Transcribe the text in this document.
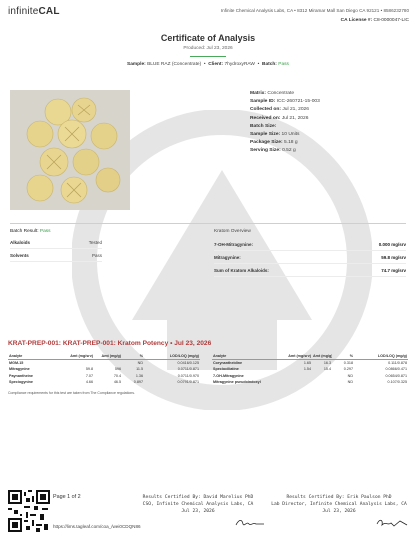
infiniteCAL	Infinite Chemical Analysis Labs, CA • 8312 Miramar Mall San Diego CA 92121 • 8586232780
CA License #: C8-0000047-LIC
Certificate of Analysis
Produced: Jul 23, 2026
Sample: BLUE RAZ (Concentrate)  •  Client: 7hydroxyRAW  •  Batch: Pass
Matrix: Concentrate
Sample ID: ICC-260721-15-003
Collected on: Jul 21, 2026
Received on: Jul 21, 2026
Batch Size:
Sample Size: 10 Units
Package Size: 5.18 g
Serving Size: 0.52 g
Batch Result: Pass
Alkaloids	Tested
Solvents	Pass
Kratom Overview
7-OH-Mitragynine:	0.000 mg/srv
Mitragynine:	59.8 mg/srv
Sum of Kratom Alkaloids:	74.7 mg/srv
KRAT-PREP-001: KRAT-PREP-001: Kratom Potency • Jul 23, 2026
Analyte	Amt (mg/srv)	Amt (mg/g)	%	LOD/LOQ (mg/g)
MGM-15			ND	0.0416/0.125
Mitragynine	59.8	596	11.5	0.0711/0.871
Paynantheine	7.07	70.4	1.36	0.0711/0.970
Speciogynine	4.66	46.5	0.897	0.0791/0.871
Analyte	Amt (mg/srv)	Amt (mg/g)	%	LOD/LOQ (mg/g)
Corynantheidine	1.65	16.3	0.318	0.111/0.878
Speciociliatine	1.54	15.4	0.297	0.0866/0.471
7-OH-Mitragynine			ND	0.0654/0.871
Mitragynine pseudoindoxyl			ND	0.107/0.325
Compliance requirements for this test are taken from The Compliance regulations.
Page 1 of 2
https://lims.tagleaf.com/coa_/wei0CDQN86
Results Certified By: David Marelius PhD
CSO, Infinite Chemical Analysis Labs, CA
Jul 23, 2026
Results Certified By: Erik Paulson PhD
Lab Director, Infinite Chemical Analysis Labs, CA
Jul 23, 2026
